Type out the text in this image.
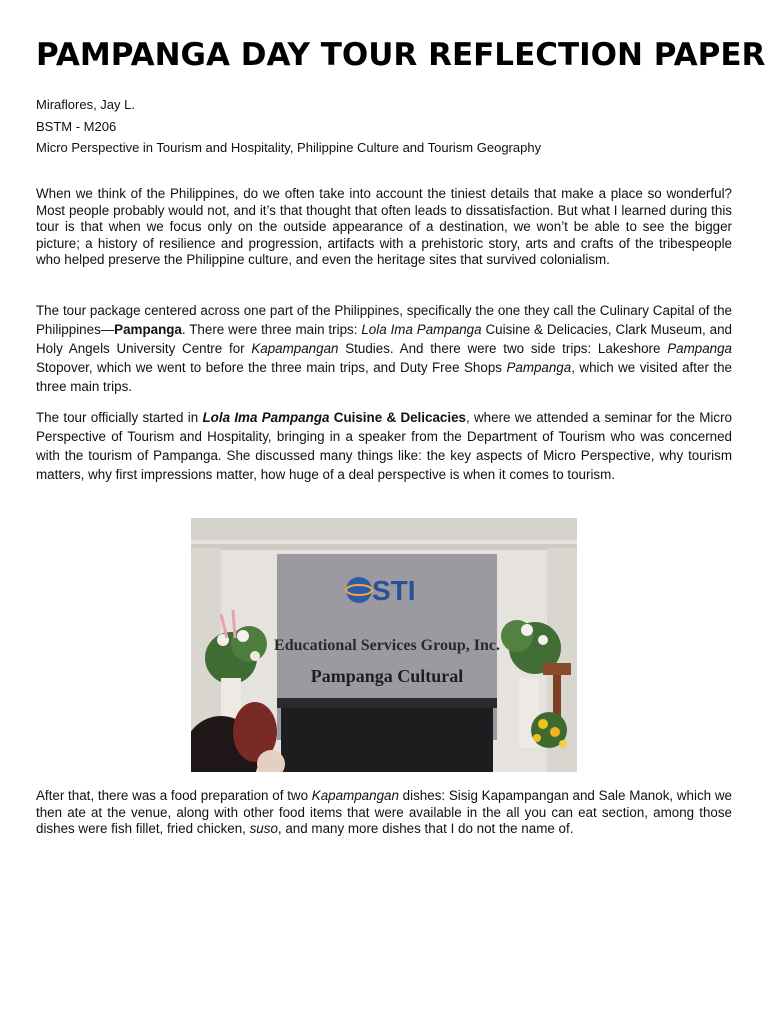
PAMPANGA DAY TOUR REFLECTION PAPER
Miraflores, Jay L.
BSTM - M206
Micro Perspective in Tourism and Hospitality, Philippine Culture and Tourism Geography

When we think of the Philippines, do we often take into account the tiniest details that make a place so wonderful? Most people probably would not, and it’s that thought that often leads to dissatisfaction. But what I learned during this tour is that when we focus only on the outside appearance of a destination, we won’t be able to see the bigger picture; a history of resilience and progression, artifacts with a prehistoric story, arts and crafts of the tribespeople who helped preserve the Philippine culture, and even the heritage sites that survived colonialism.

The tour package centered across one part of the Philippines, specifically the one they call the Culinary Capital of the Philippines—Pampanga. There were three main trips: Lola Ima Pampanga Cuisine & Delicacies, Clark Museum, and Holy Angels University Centre for Kapampangan Studies. And there were two side trips: Lakeshore Pampanga Stopover, which we went to before the three main trips, and Duty Free Shops Pampanga, which we visited after the three main trips.

The tour officially started in Lola Ima Pampanga Cuisine & Delicacies, where we attended a seminar for the Micro Perspective of Tourism and Hospitality, bringing in a speaker from the Department of Tourism who was concerned with the tourism of Pampanga. She discussed many things like: the key aspects of Micro Perspective, why tourism matters, why first impressions matter, how huge of a deal perspective is when it comes to tourism.

STI
Educational Services Group, Inc.
Pampanga Cultural

After that, there was a food preparation of two Kapampangan dishes: Sisig Kapampangan and Sale Manok, which we then ate at the venue, along with other food items that were available in the all you can eat section, among those dishes were fish fillet, fried chicken, suso, and many more dishes that I do not the name of.
